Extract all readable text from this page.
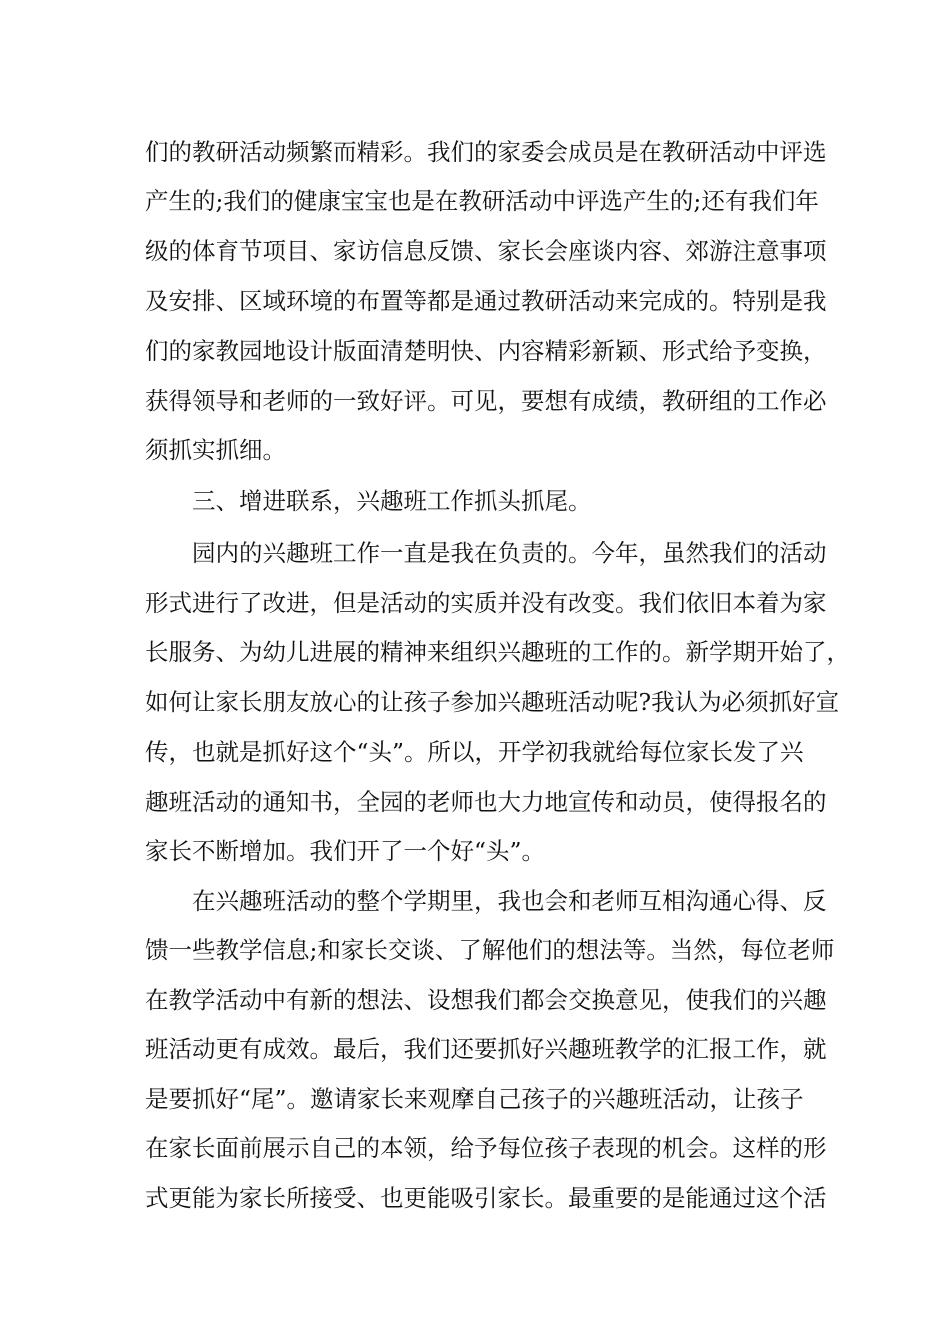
们的教研活动频繁而精彩。我们的家委会成员是在教研活动中评选

产生的;我们的健康宝宝也是在教研活动中评选产生的;还有我们年

级的体育节项目、家访信息反馈、家长会座谈内容、郊游注意事项

及安排、区域环境的布置等都是通过教研活动来完成的。特别是我

们的家教园地设计版面清楚明快、内容精彩新颖、形式给予变换，

获得领导和老师的一致好评。可见，要想有成绩，教研组的工作必

须抓实抓细。

三、增进联系，兴趣班工作抓头抓尾。

园内的兴趣班工作一直是我在负责的。今年，虽然我们的活动

形式进行了改进，但是活动的实质并没有改变。我们依旧本着为家

长服务、为幼儿进展的精神来组织兴趣班的工作的。新学期开始了，

如何让家长朋友放心的让孩子参加兴趣班活动呢?我认为必须抓好宣

传，也就是抓好这个“头”。所以，开学初我就给每位家长发了兴

趣班活动的通知书，全园的老师也大力地宣传和动员，使得报名的

家长不断增加。我们开了一个好“头”。

在兴趣班活动的整个学期里，我也会和老师互相沟通心得、反

馈一些教学信息;和家长交谈、了解他们的想法等。当然，每位老师

在教学活动中有新的想法、设想我们都会交换意见，使我们的兴趣

班活动更有成效。最后，我们还要抓好兴趣班教学的汇报工作，就

是要抓好“尾”。邀请家长来观摩自己孩子的兴趣班活动，让孩子

在家长面前展示自己的本领，给予每位孩子表现的机会。这样的形

式更能为家长所接受、也更能吸引家长。最重要的是能通过这个活
